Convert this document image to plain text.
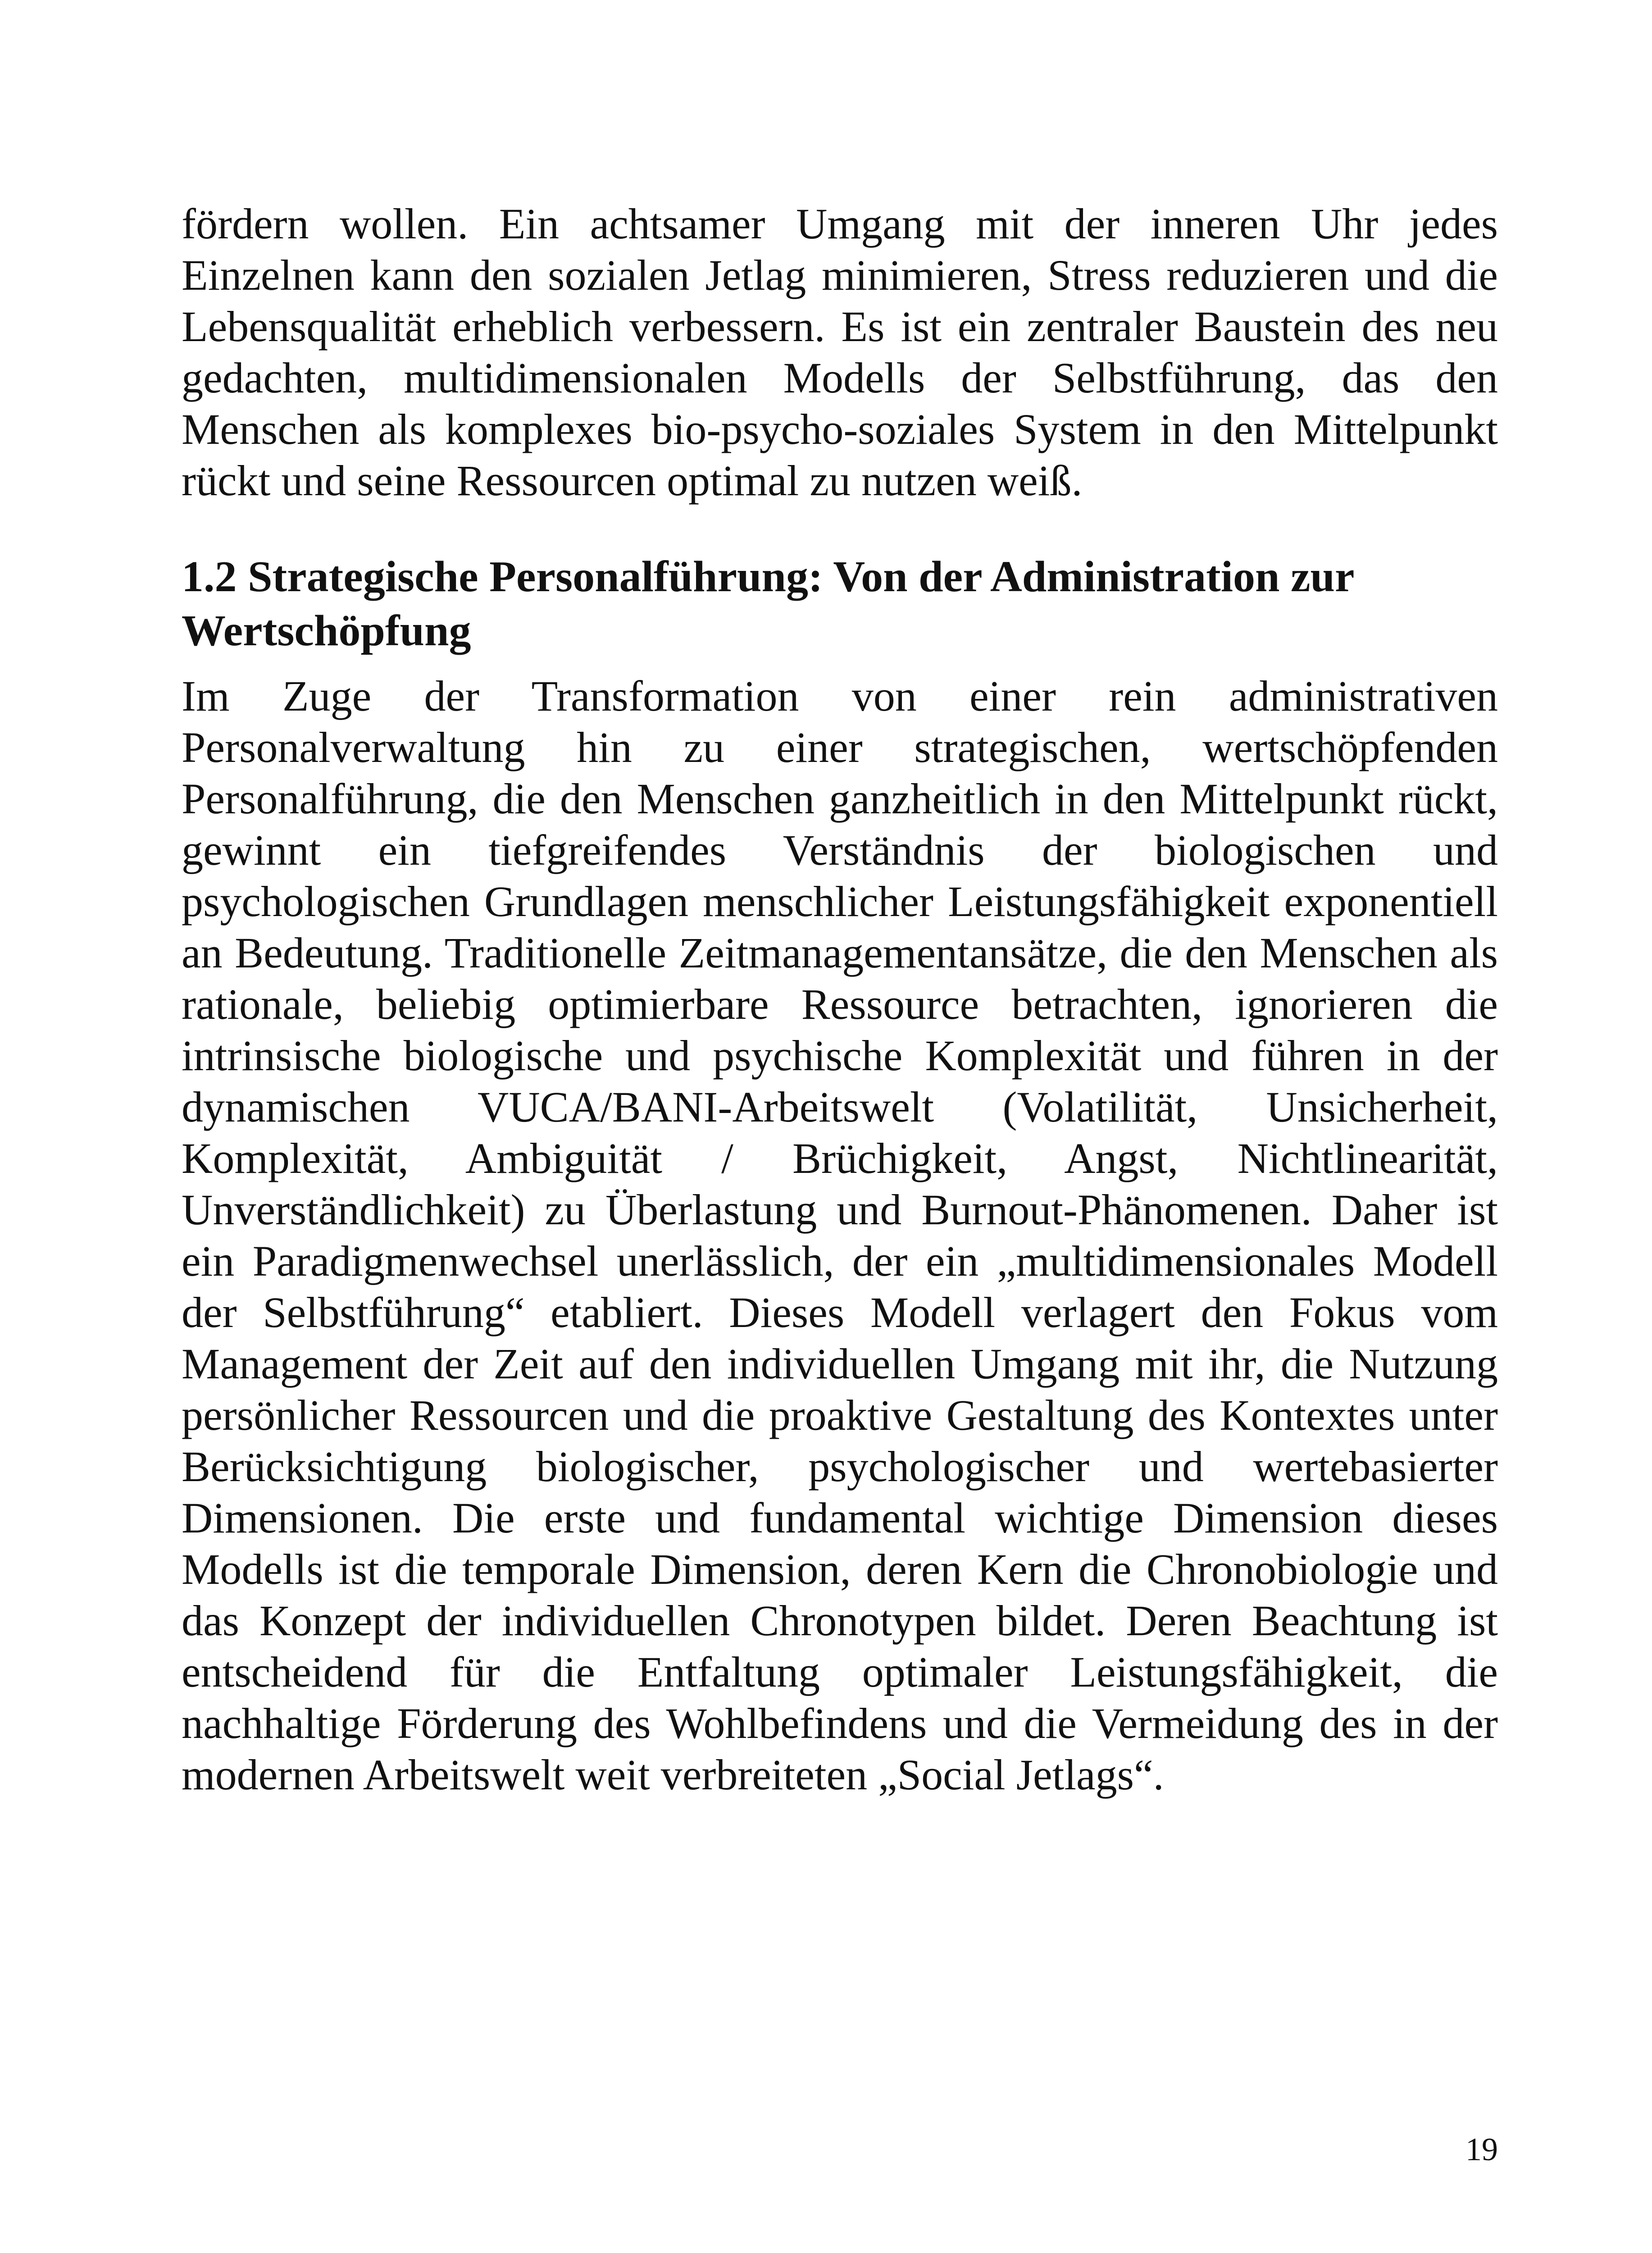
fördern wollen. Ein achtsamer Umgang mit der inneren Uhr jedes Einzelnen kann den sozialen Jetlag minimieren, Stress reduzieren und die Lebensqualität erheblich verbessern. Es ist ein zentraler Baustein des neu gedachten, multidimensionalen Modells der Selbstführung, das den Menschen als komplexes bio-psycho-soziales System in den Mittelpunkt rückt und seine Ressourcen optimal zu nutzen weiß.

1.2 Strategische Personalführung: Von der Administration zur Wertschöpfung

Im Zuge der Transformation von einer rein administrativen Personalverwaltung hin zu einer strategischen, wertschöpfenden Personalführung, die den Menschen ganzheitlich in den Mittelpunkt rückt, gewinnt ein tiefgreifendes Verständnis der biologischen und psychologischen Grundlagen menschlicher Leistungsfähigkeit exponentiell an Bedeutung. Traditionelle Zeitmanagementansätze, die den Menschen als rationale, beliebig optimierbare Ressource betrachten, ignorieren die intrinsische biologische und psychische Komplexität und führen in der dynamischen VUCA/BANI-Arbeitswelt (Volatilität, Unsicherheit, Komplexität, Ambiguität / Brüchigkeit, Angst, Nichtlinearität, Unverständlichkeit) zu Überlastung und Burnout-Phänomenen. Daher ist ein Paradigmenwechsel unerlässlich, der ein „multidimensionales Modell der Selbstführung“ etabliert. Dieses Modell verlagert den Fokus vom Management der Zeit auf den individuellen Umgang mit ihr, die Nutzung persönlicher Ressourcen und die proaktive Gestaltung des Kontextes unter Berücksichtigung biologischer, psychologischer und wertebasierter Dimensionen. Die erste und fundamental wichtige Dimension dieses Modells ist die temporale Dimension, deren Kern die Chronobiologie und das Konzept der individuellen Chronotypen bildet. Deren Beachtung ist entscheidend für die Entfaltung optimaler Leistungsfähigkeit, die nachhaltige Förderung des Wohlbefindens und die Vermeidung des in der modernen Arbeitswelt weit verbreiteten „Social Jetlags“.

19
